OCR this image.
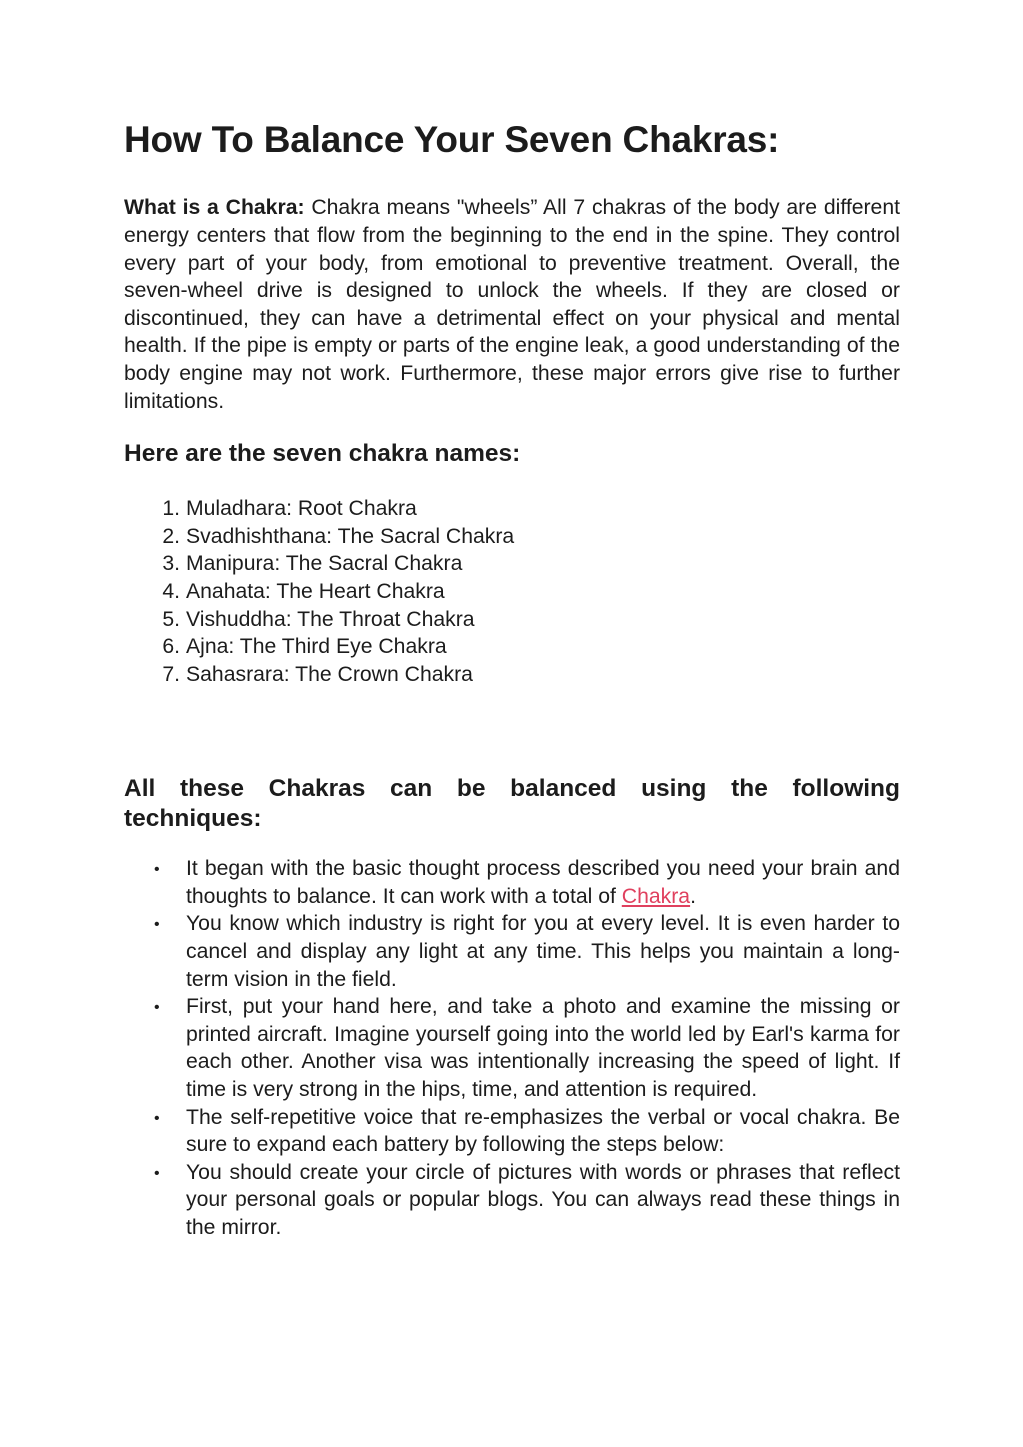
How To Balance Your Seven Chakras:

What is a Chakra: Chakra means "wheels” All 7 chakras of the body are different energy centers that flow from the beginning to the end in the spine. They control every part of your body, from emotional to preventive treatment. Overall, the seven-wheel drive is designed to unlock the wheels. If they are closed or discontinued, they can have a detrimental effect on your physical and mental health. If the pipe is empty or parts of the engine leak, a good understanding of the body engine may not work. Furthermore, these major errors give rise to further limitations.

Here are the seven chakra names:
1. Muladhara: Root Chakra
2. Svadhishthana: The Sacral Chakra
3. Manipura: The Sacral Chakra
4. Anahata: The Heart Chakra
5. Vishuddha: The Throat Chakra
6. Ajna: The Third Eye Chakra
7. Sahasrara: The Crown Chakra
All these Chakras can be balanced using the following techniques:
• It began with the basic thought process described you need your brain and thoughts to balance. It can work with a total of Chakra.
• You know which industry is right for you at every level. It is even harder to cancel and display any light at any time. This helps you maintain a long-term vision in the field.
• First, put your hand here, and take a photo and examine the missing or printed aircraft. Imagine yourself going into the world led by Earl's karma for each other. Another visa was intentionally increasing the speed of light. If time is very strong in the hips, time, and attention is required.
• The self-repetitive voice that re-emphasizes the verbal or vocal chakra. Be sure to expand each battery by following the steps below:
• You should create your circle of pictures with words or phrases that reflect your personal goals or popular blogs. You can always read these things in the mirror.
